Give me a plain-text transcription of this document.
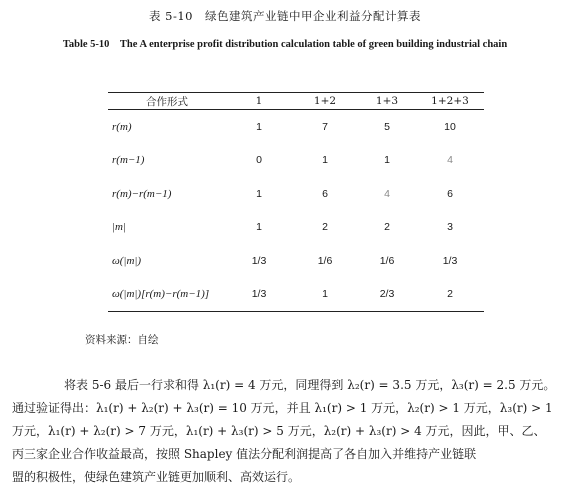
表 5-10　绿色建筑产业链中甲企业利益分配计算表
Table 5-10　The A enterprise profit distribution calculation table of green building industrial chain
合作形式	1	1+2	1+3	1+2+3
r(m)	1	7	5	10
r(m−1)	0	1	1	4
r(m)−r(m−1)	1	6	4	6
|m|	1	2	2	3
ω(|m|)	1/3	1/6	1/6	1/3
ω(|m|)[r(m)−r(m−1)]	1/3	1	2/3	2
资料来源：自绘

将表 5-6 最后一行求和得 λ₁(r) = 4 万元，同理得到 λ₂(r) = 3.5 万元，λ₃(r) = 2.5 万元。

通过验证得出：λ₁(r) + λ₂(r) + λ₃(r) = 10 万元，并且 λ₁(r) > 1 万元，λ₂(r) > 1 万元，λ₃(r) > 1

万元，λ₁(r) + λ₂(r) > 7 万元，λ₁(r) + λ₃(r) > 5 万元，λ₂(r) + λ₃(r) > 4 万元，因此，甲、乙、

丙三家企业合作收益最高，按照 Shapley 值法分配利润提高了各自加入并维持产业链联

盟的积极性，使绿色建筑产业链更加顺利、高效运行。
